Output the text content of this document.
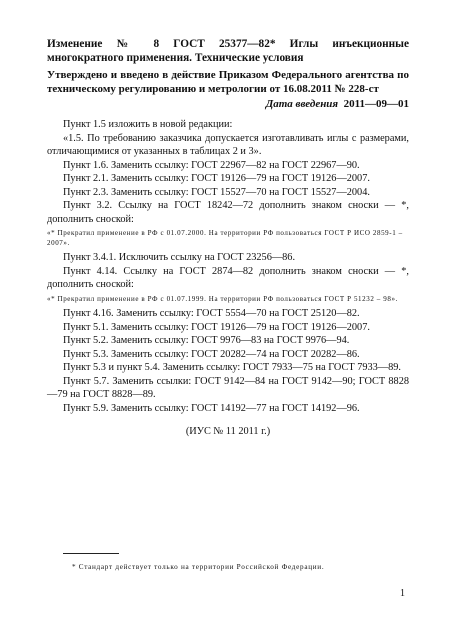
Изменение № 8 ГОСТ 25377—82* Иглы инъекционные многократного применения. Технические условия
Утверждено и введено в действие Приказом Федерального агентства по техническому регулированию и метрологии от 16.08.2011 № 228-ст
Дата введения 2011—09—01

Пункт 1.5 изложить в новой редакции:

«1.5. По требованию заказчика допускается изготавливать иглы с размерами, отличающимися от указанных в таблицах 2 и 3».

Пункт 1.6. Заменить ссылку: ГОСТ 22967—82 на ГОСТ 22967—90.

Пункт 2.1. Заменить ссылку: ГОСТ 19126—79 на ГОСТ 19126—2007.

Пункт 2.3. Заменить ссылку: ГОСТ 15527—70 на ГОСТ 15527—2004.

Пункт 3.2. Ссылку на ГОСТ 18242—72 дополнить знаком сноски — *, дополнить сноской:

«* Прекратил применение в РФ с 01.07.2000. На территории РФ пользоваться ГОСТ Р ИСО 2859-1 –2007».

Пункт 3.4.1. Исключить ссылку на ГОСТ 23256—86.

Пункт 4.14. Ссылку на ГОСТ 2874—82 дополнить знаком сноски — *, дополнить сноской:

«* Прекратил применение в РФ с 01.07.1999. На территории РФ пользоваться ГОСТ Р 51232 – 98».

Пункт 4.16. Заменить ссылку: ГОСТ 5554—70 на ГОСТ 25120—82.

Пункт 5.1. Заменить ссылку: ГОСТ 19126—79 на ГОСТ 19126—2007.

Пункт 5.2. Заменить ссылку: ГОСТ 9976—83 на ГОСТ 9976—94.

Пункт 5.3. Заменить ссылку: ГОСТ 20282—74 на ГОСТ 20282—86.

Пункт 5.3 и пункт 5.4. Заменить ссылку: ГОСТ 7933—75 на ГОСТ 7933—89.

Пункт 5.7. Заменить ссылки: ГОСТ 9142—84 на ГОСТ 9142—90; ГОСТ 8828—79 на ГОСТ 8828—89.

Пункт 5.9. Заменить ссылку: ГОСТ 14192—77 на ГОСТ 14192—96.

(ИУС № 11 2011 г.)
* Стандарт действует только на территории Российской Федерации.
1
